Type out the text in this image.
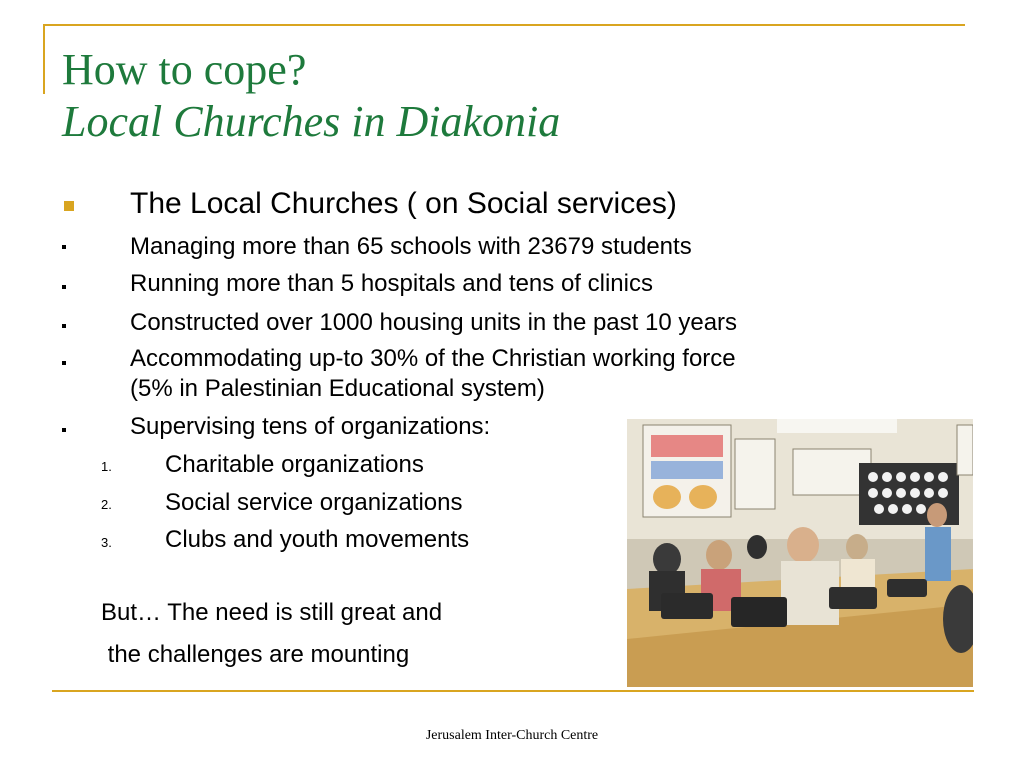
How to cope?
Local Churches in Diakonia
The Local Churches ( on Social services)
Managing more than 65 schools with 23679 students
Running more than 5 hospitals and tens of clinics
Constructed over 1000 housing units in the past 10 years
Accommodating up-to 30% of the Christian working force
(5% in Palestinian Educational system)
Supervising tens of organizations:
1. Charitable organizations
2. Social service organizations
3. Clubs and youth movements
But… The need is still great and
the challenges are mounting
Jerusalem Inter-Church Centre
